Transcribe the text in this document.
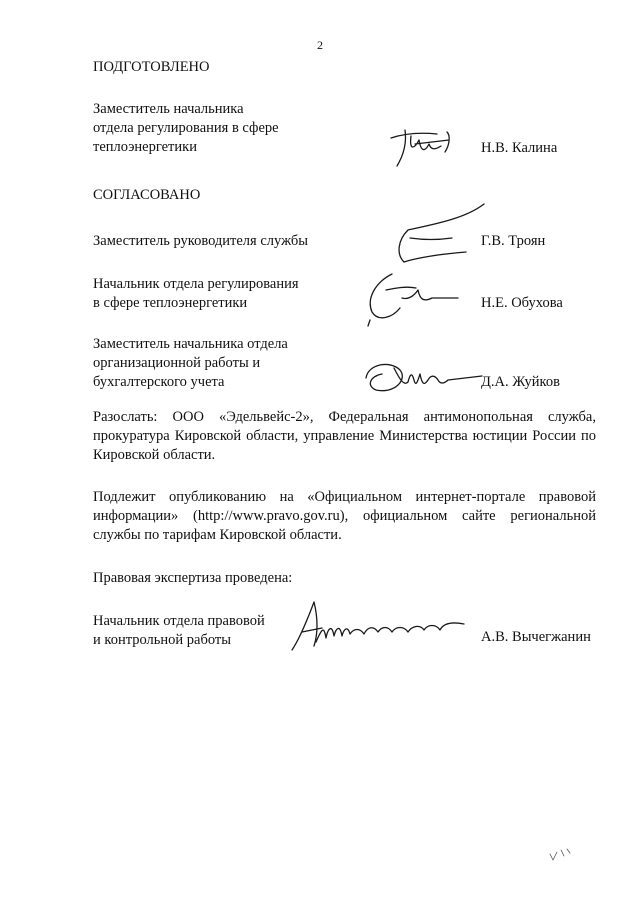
2
ПОДГОТОВЛЕНО
Заместитель начальника
отдела регулирования в сфере
теплоэнергетики	Н.В. Калина
СОГЛАСОВАНО
Заместитель руководителя службы	Г.В. Троян
Начальник отдела регулирования
в сфере теплоэнергетики	Н.Е. Обухова
Заместитель начальника отдела
организационной работы и
бухгалтерского учета	Д.А. Жуйков
Разослать: ООО «Эдельвейс-2», Федеральная антимонопольная служба, прокуратура Кировской области, управление Министерства юстиции России по Кировской области.
Подлежит опубликованию на «Официальном интернет-портале правовой информации» (http://www.pravo.gov.ru), официальном сайте региональной службы по тарифам Кировской области.
Правовая экспертиза проведена:
Начальник отдела правовой
и контрольной работы	А.В. Вычегжанин
